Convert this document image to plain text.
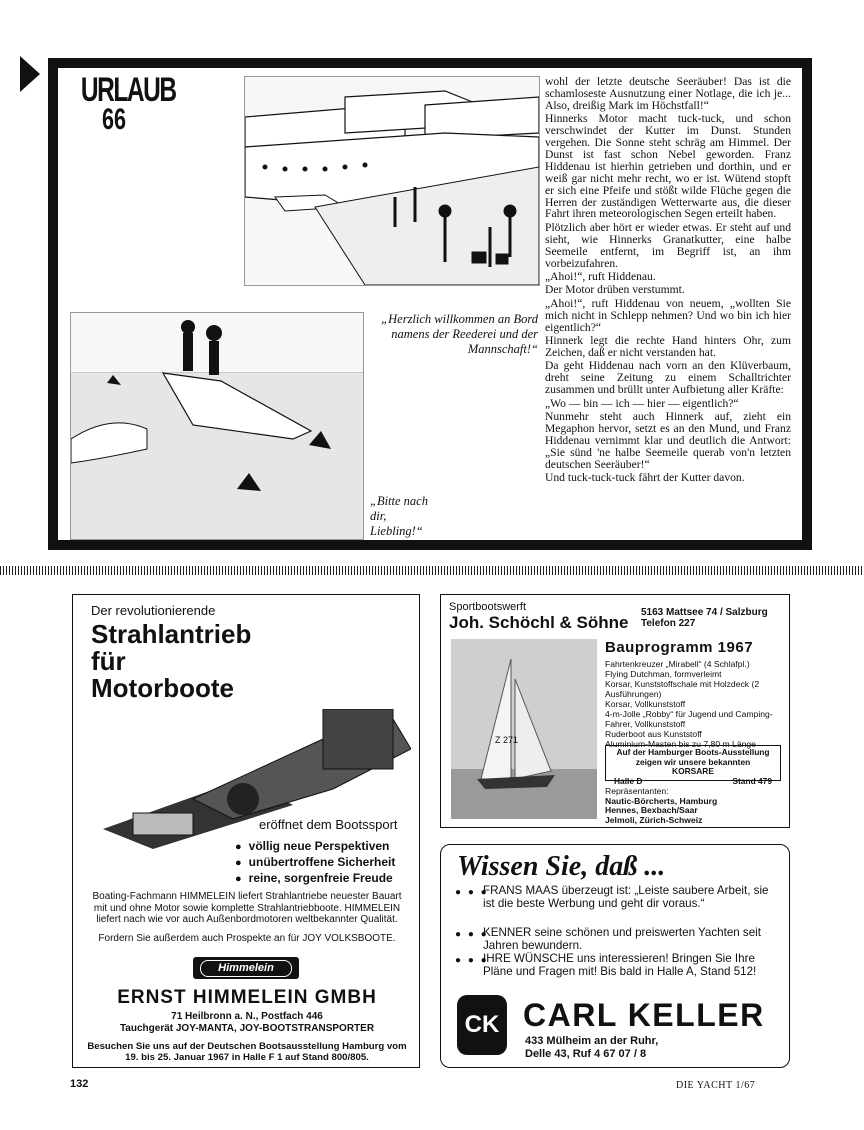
URLAUB
66
„Herzlich willkommen an Bord namens der Reederei und der Mannschaft!“
„Bitte nach dir, Liebling!“

wohl der letzte deutsche Seeräuber! Das ist die schamloseste Ausnutzung einer Notlage, die ich je... Also, dreißig Mark im Höchstfall!“

Hinnerks Motor macht tuck-tuck, und schon verschwindet der Kutter im Dunst. Stunden vergehen. Die Sonne steht schräg am Himmel. Der Dunst ist fast schon Nebel geworden. Franz Hiddenau ist hierhin getrieben und dorthin, und er weiß gar nicht mehr recht, wo er ist. Wütend stopft er sich eine Pfeife und stößt wilde Flüche gegen die Herren der zuständigen Wetterwarte aus, die dieser Fahrt ihren meteorologischen Segen erteilt haben.

Plötzlich aber hört er wieder etwas. Er steht auf und sieht, wie Hinnerks Granatkutter, eine halbe Seemeile entfernt, im Begriff ist, an ihm vorbeizufahren.

„Ahoi!“, ruft Hiddenau.

Der Motor drüben verstummt.

„Ahoi!“, ruft Hiddenau von neuem, „wollten Sie mich nicht in Schlepp nehmen? Und wo bin ich hier eigentlich?“

Hinnerk legt die rechte Hand hinters Ohr, zum Zeichen, daß er nicht verstanden hat.

Da geht Hiddenau nach vorn an den Klüverbaum, dreht seine Zeitung zu einem Schalltrichter zusammen und brüllt unter Aufbietung aller Kräfte:

„Wo — bin — ich — hier — eigentlich?“

Nunmehr steht auch Hinnerk auf, zieht ein Megaphon hervor, setzt es an den Mund, und Franz Hiddenau vernimmt klar und deutlich die Antwort: „Sie sünd 'ne halbe Seemeile querab von'n letzten deutschen Seeräuber!“

Und tuck-tuck-tuck fährt der Kutter davon.

Der revolutionierende
Strahlantrieb
für
Motorboote
eröffnet dem Bootssport
● völlig neue Perspektiven
● unübertroffene Sicherheit
● reine, sorgenfreie Freude
Boating-Fachmann HIMMELEIN liefert Strahlantriebe neuester Bauart mit und ohne Motor sowie komplette Strahlantriebboote. HIMMELEIN liefert nach wie vor auch Außenbordmotoren weltbekannter Qualität.
Fordern Sie außerdem auch Prospekte an für JOY VOLKSBOOTE.
Himmelein
ERNST HIMMELEIN GMBH
71 Heilbronn a. N., Postfach 446
Tauchgerät JOY-MANTA, JOY-BOOTSTRANSPORTER
Besuchen Sie uns auf der Deutschen Bootsausstellung Hamburg vom 19. bis 25. Januar 1967 in Halle F 1 auf Stand 800/805.
Sportbootswerft
Joh. Schöchl & Söhne
5163 Mattsee 74 / Salzburg
Telefon 227
Z 271
Bauprogramm 1967
Fahrtenkreuzer „Mirabell“ (4 Schlafpl.)
Flying Dutchman, formverleimt
Korsar, Kunststoffschale mit Holzdeck (2 Ausführungen)
Korsar, Vollkunststoff
4-m-Jolle „Robby“ für Jugend und Camping-Fahrer, Vollkunststoff
Ruderboot aus Kunststoff
Aluminium-Masten bis zu 7,80 m Länge
Auf der Hamburger Boots-Ausstellung zeigen wir unsere bekannten
KORSARE
Halle D	Stand 479
Repräsentanten:
Nautic-Börcherts, Hamburg
Hennes, Bexbach/Saar
Jelmoli, Zürich-Schweiz
Wissen Sie, daß ...
● ● ●
FRANS MAAS überzeugt ist: „Leiste saubere Arbeit, sie ist die beste Werbung und geht dir voraus.“
● ● ●
KENNER seine schönen und preiswerten Yachten seit Jahren bewundern.
● ● ●
IHRE WÜNSCHE uns interessieren! Bringen Sie Ihre Pläne und Fragen mit! Bis bald in Halle A, Stand 512!
CK CARL KELLER
433 Mülheim an der Ruhr,
Delle 43, Ruf 4 67 07 / 8
132	DIE YACHT 1/67
